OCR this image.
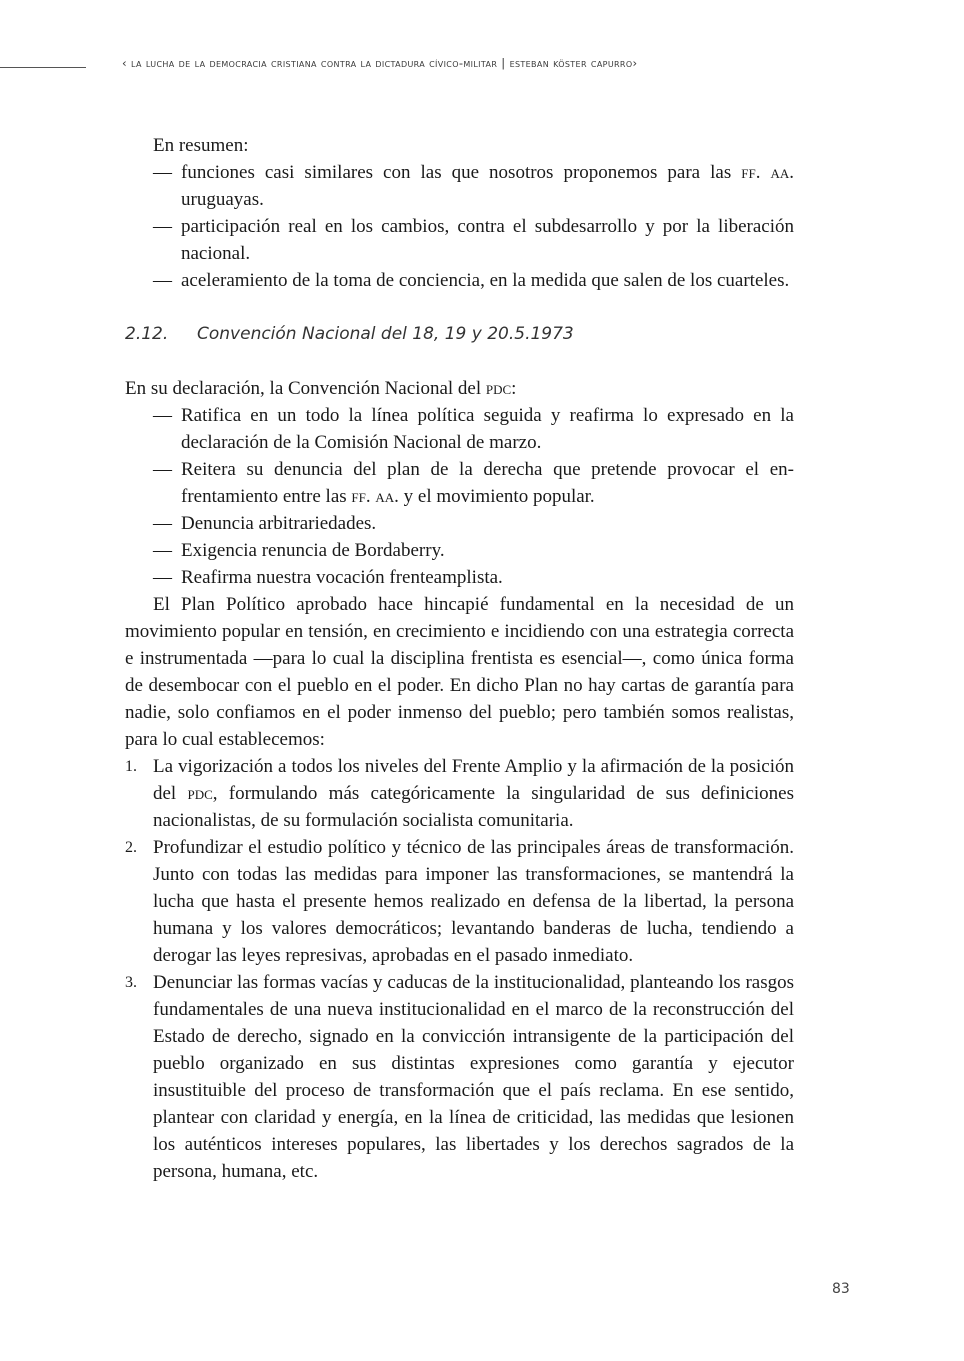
‹ la lucha de la democracia cristiana contra la dictadura cívico-militar | esteban köster capurro›

En resumen:

— funciones casi similares con las que nosotros proponemos para las ff. aa. uruguayas.
— participación real en los cambios, contra el subdesarrollo y por la liberación nacional.
— aceleramiento de la toma de conciencia, en la medida que salen de los cuarteles.
2.12. Convención Nacional del 18, 19 y 20.5.1973

En su declaración, la Convención Nacional del pdc:

— Ratifica en un todo la línea política seguida y reafirma lo expresado en la declaración de la Comisión Nacional de marzo.
— Reitera su denuncia del plan de la derecha que pretende provocar el enfrentamiento entre las ff. aa. y el movimiento popular.
— Denuncia arbitrariedades.
— Exigencia renuncia de Bordaberry.
— Reafirma nuestra vocación frenteamplista.

El Plan Político aprobado hace hincapié fundamental en la necesidad de un movimiento popular en tensión, en crecimiento e incidiendo con una estrategia correcta e instrumentada —para lo cual la disciplina frentista es esencial—, como única forma de desembocar con el pueblo en el poder. En dicho Plan no hay cartas de garantía para nadie, solo confiamos en el poder inmenso del pueblo; pero también somos realistas, para lo cual establecemos:

1. La vigorización a todos los niveles del Frente Amplio y la afirmación de la posición del pdc, formulando más categóricamente la singularidad de sus definiciones nacionalistas, de su formulación socialista comunitaria.
2. Profundizar el estudio político y técnico de las principales áreas de transformación. Junto con todas las medidas para imponer las transformaciones, se mantendrá la lucha que hasta el presente hemos realizado en defensa de la libertad, la persona humana y los valores democráticos; levantando banderas de lucha, tendiendo a derogar las leyes represivas, aprobadas en el pasado inmediato.
3. Denunciar las formas vacías y caducas de la institucionalidad, planteando los rasgos fundamentales de una nueva institucionalidad en el marco de la reconstrucción del Estado de derecho, signado en la convicción intransigente de la participación del pueblo organizado en sus distintas expresiones como garantía y ejecutor insustituible del proceso de transformación que el país reclama. En ese sentido, plantear con claridad y energía, en la línea de criticidad, las medidas que lesionen los auténticos intereses populares, las libertades y los derechos sagrados de la persona, humana, etc.
83
